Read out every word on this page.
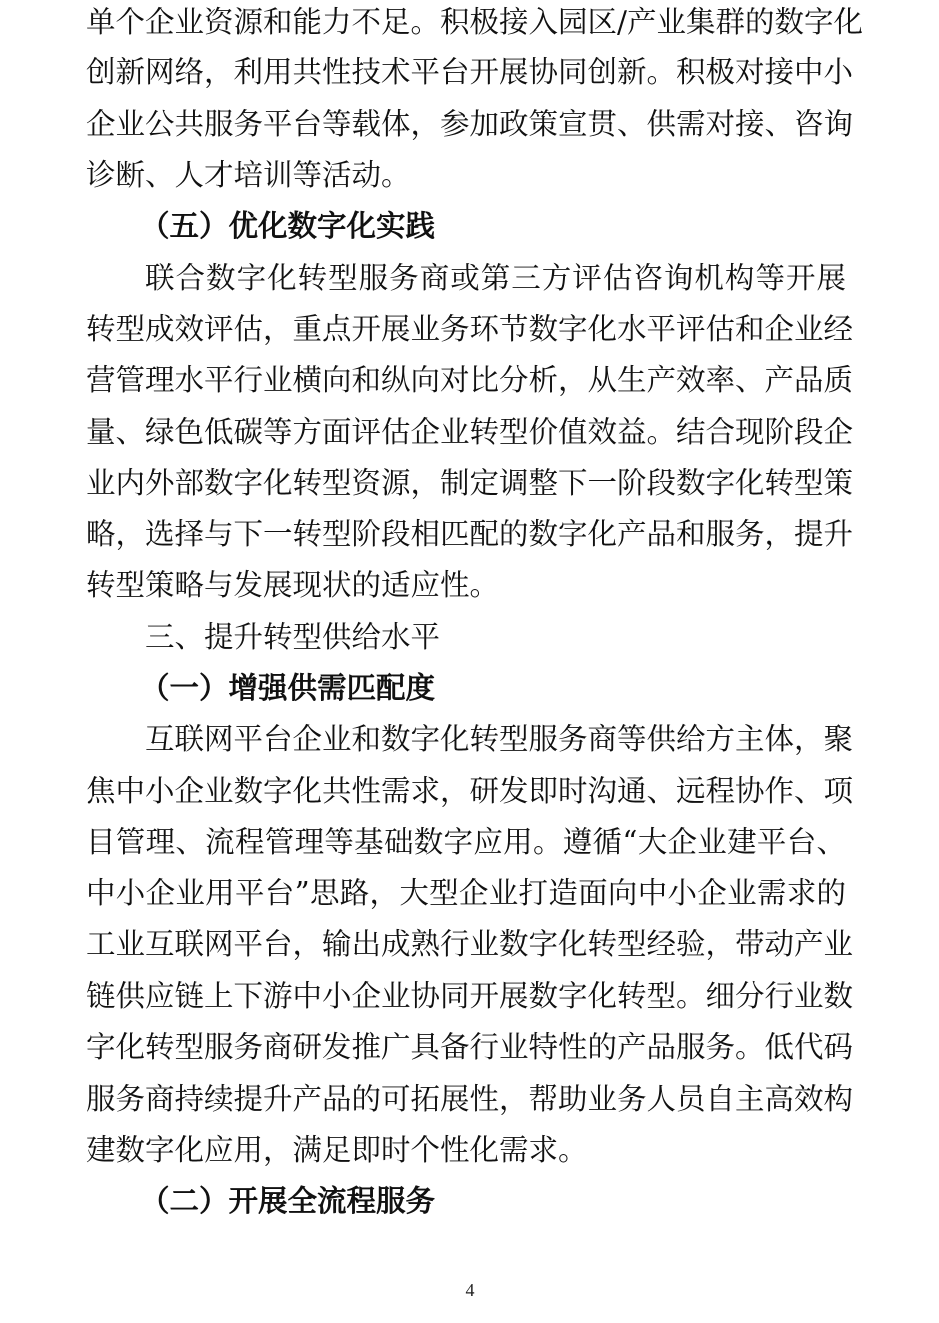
单个企业资源和能力不足。积极接入园区/产业集群的数字化
创新网络，利用共性技术平台开展协同创新。积极对接中小
企业公共服务平台等载体，参加政策宣贯、供需对接、咨询
诊断、人才培训等活动。
（五）优化数字化实践
联合数字化转型服务商或第三方评估咨询机构等开展
转型成效评估，重点开展业务环节数字化水平评估和企业经
营管理水平行业横向和纵向对比分析，从生产效率、产品质
量、绿色低碳等方面评估企业转型价值效益。结合现阶段企
业内外部数字化转型资源，制定调整下一阶段数字化转型策
略，选择与下一转型阶段相匹配的数字化产品和服务，提升
转型策略与发展现状的适应性。
三、提升转型供给水平
（一）增强供需匹配度
互联网平台企业和数字化转型服务商等供给方主体，聚
焦中小企业数字化共性需求，研发即时沟通、远程协作、项
目管理、流程管理等基础数字应用。遵循“大企业建平台、
中小企业用平台”思路，大型企业打造面向中小企业需求的
工业互联网平台，输出成熟行业数字化转型经验，带动产业
链供应链上下游中小企业协同开展数字化转型。细分行业数
字化转型服务商研发推广具备行业特性的产品服务。低代码
服务商持续提升产品的可拓展性，帮助业务人员自主高效构
建数字化应用，满足即时个性化需求。
（二）开展全流程服务
4
